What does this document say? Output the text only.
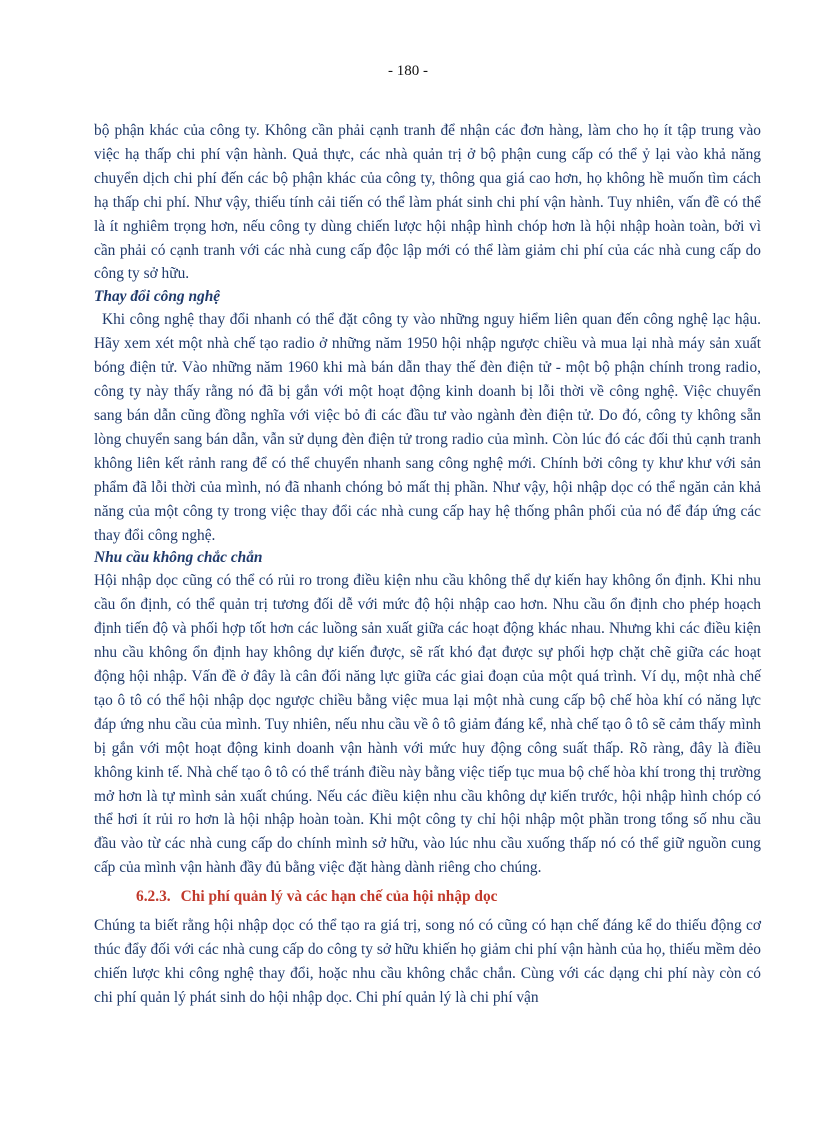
- 180 -

bộ phận khác của công ty. Không cần phải cạnh tranh để nhận các đơn hàng, làm cho họ ít tập trung vào việc hạ thấp chi phí vận hành. Quả thực, các nhà quản trị ở bộ phận cung cấp có thể ỷ lại vào khả năng chuyển dịch chi phí đến các bộ phận khác của công ty, thông qua giá cao hơn, họ không hề muốn tìm cách hạ thấp chi phí. Như vậy, thiếu tính cải tiến có thể làm phát sinh chi phí vận hành. Tuy nhiên, vấn đề có thể là ít nghiêm trọng hơn, nếu công ty dùng chiến lược hội nhập hình chóp hơn là hội nhập hoàn toàn, bởi vì cần phải có cạnh tranh với các nhà cung cấp độc lập mới có thể làm giảm chi phí của các nhà cung cấp do công ty sở hữu.

Thay đổi công nghệ

Khi công nghệ thay đổi nhanh có thể đặt công ty vào những nguy hiểm liên quan đến công nghệ lạc hậu. Hãy xem xét một nhà chế tạo radio ở những năm 1950 hội nhập ngược chiều và mua lại nhà máy sản xuất bóng điện tử. Vào những năm 1960 khi mà bán dẫn thay thế đèn điện tử - một bộ phận chính trong radio, công ty này thấy rằng nó đã bị gắn với một hoạt động kinh doanh bị lỗi thời về công nghệ. Việc chuyển sang bán dẫn cũng đồng nghĩa với việc bỏ đi các đầu tư vào ngành đèn điện tử. Do đó, công ty không sẵn lòng chuyển sang bán dẫn, vẫn sử dụng đèn điện tử trong radio của mình. Còn lúc đó các đối thủ cạnh tranh không liên kết rảnh rang để có thể chuyển nhanh sang công nghệ mới. Chính bởi công ty khư khư với sản phẩm đã lỗi thời của mình, nó đã nhanh chóng bỏ mất thị phần. Như vậy, hội nhập dọc có thể ngăn cản khả năng của một công ty trong việc thay đổi các nhà cung cấp hay hệ thống phân phối của nó để đáp ứng các thay đổi công nghệ.

Nhu cầu không chắc chắn

Hội nhập dọc cũng có thể có rủi ro trong điều kiện nhu cầu không thể dự kiến hay không ổn định. Khi nhu cầu ổn định, có thể quản trị tương đối dễ với mức độ hội nhập cao hơn. Nhu cầu ổn định cho phép hoạch định tiến độ và phối hợp tốt hơn các luồng sản xuất giữa các hoạt động khác nhau. Nhưng khi các điều kiện nhu cầu không ổn định hay không dự kiến được, sẽ rất khó đạt được sự phối hợp chặt chẽ giữa các hoạt động hội nhập. Vấn đề ở đây là cân đối năng lực giữa các giai đoạn của một quá trình. Ví dụ, một nhà chế tạo ô tô có thể hội nhập dọc ngược chiều bằng việc mua lại một nhà cung cấp bộ chế hòa khí có năng lực đáp ứng nhu cầu của mình. Tuy nhiên, nếu nhu cầu về ô tô giảm đáng kể, nhà chế tạo ô tô sẽ cảm thấy mình bị gắn với một hoạt động kinh doanh vận hành với mức huy động công suất thấp. Rõ ràng, đây là điều không kinh tế. Nhà chế tạo ô tô có thể tránh điều này bằng việc tiếp tục mua bộ chế hòa khí trong thị trường mở hơn là tự mình sản xuất chúng. Nếu các điều kiện nhu cầu không dự kiến trước, hội nhập hình chóp có thể hơi ít rủi ro hơn là hội nhập hoàn toàn. Khi một công ty chỉ hội nhập một phần trong tổng số nhu cầu đầu vào từ các nhà cung cấp do chính mình sở hữu, vào lúc nhu cầu xuống thấp nó có thể giữ nguồn cung cấp của mình vận hành đầy đủ bằng việc đặt hàng dành riêng cho chúng.

6.2.3. Chi phí quản lý và các hạn chế của hội nhập dọc

Chúng ta biết rằng hội nhập dọc có thể tạo ra giá trị, song nó có cũng có hạn chế đáng kể do thiếu động cơ thúc đẩy đối với các nhà cung cấp do công ty sở hữu khiến họ giảm chi phí vận hành của họ, thiếu mềm dẻo chiến lược khi công nghệ thay đổi, hoặc nhu cầu không chắc chắn. Cùng với các dạng chi phí này còn có chi phí quản lý phát sinh do hội nhập dọc. Chi phí quản lý là chi phí vận
